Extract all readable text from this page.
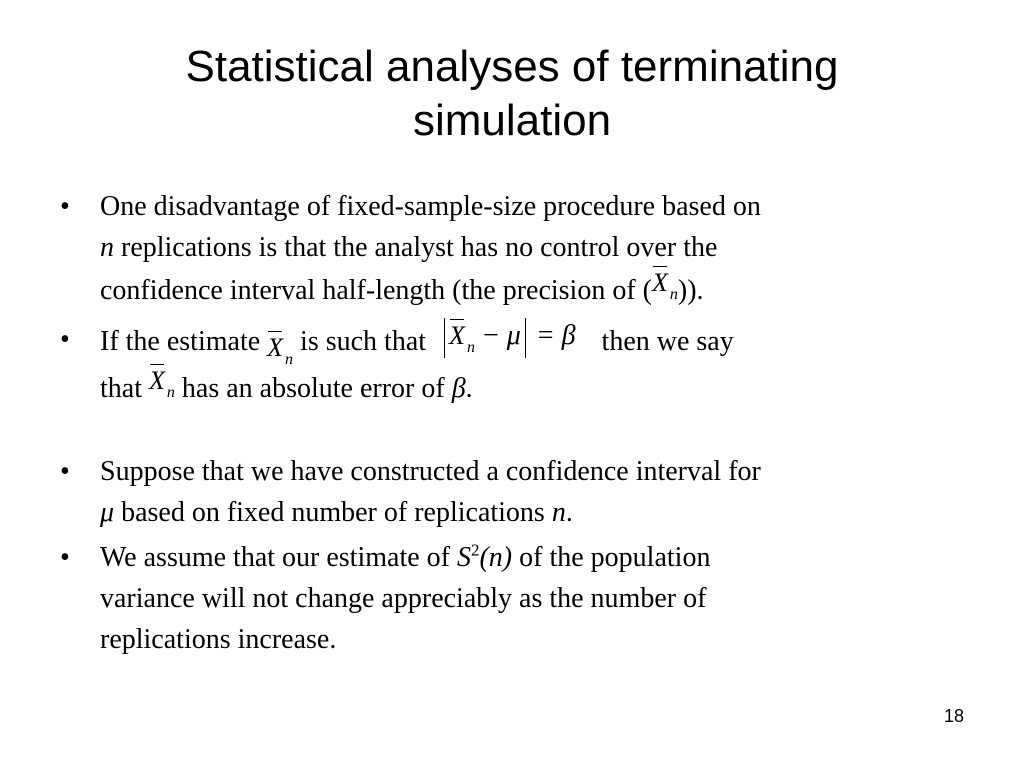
Statistical analyses of terminating
simulation
• One disadvantage of fixed-sample-size procedure based on
n replications is that the analyst has no control over the
confidence interval half-length (the precision of (X $_n$)).
• If the estimate X $_n$ is such that X $_n$ − μ = β then we say
that X $_n$ has an absolute error of β.
• Suppose that we have constructed a confidence interval for
μ based on fixed number of replications n.
• We assume that our estimate of $S^2(n)$ of the population
variance will not change appreciably as the number of
replications increase.
18
